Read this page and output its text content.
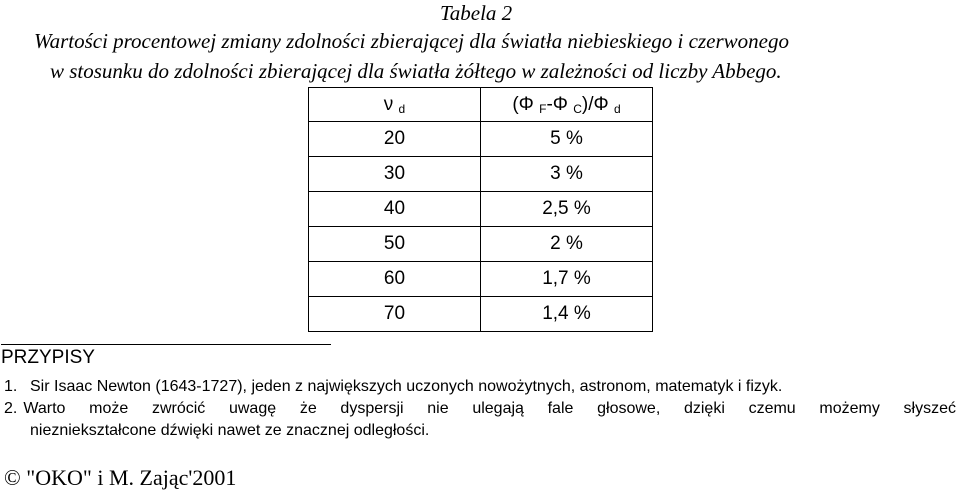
Tabela 2
Wartości procentowej zmiany zdolności zbierającej dla światła niebieskiego i czerwonego
w stosunku do zdolności zbierającej dla światła żółtego w zależności od liczby Abbego.
ν $_d$	(Φ $_F$-Φ $_C$)/Φ $_d$
20	5 %
30	3 %
40	2,5 %
50	2 %
60	1,7 %
70	1,4 %
PRZYPISY
1. Sir Isaac Newton (1643-1727), jeden z największych uczonych nowożytnych, astronom, matematyk i fizyk.
2. Warto może zwrócić uwagę że dyspersji nie ulegają fale głosowe, dzięki czemu możemy słyszeć
niezniekształcone dźwięki nawet ze znacznej odległości.
© "OKO" i M. Zając'2001
